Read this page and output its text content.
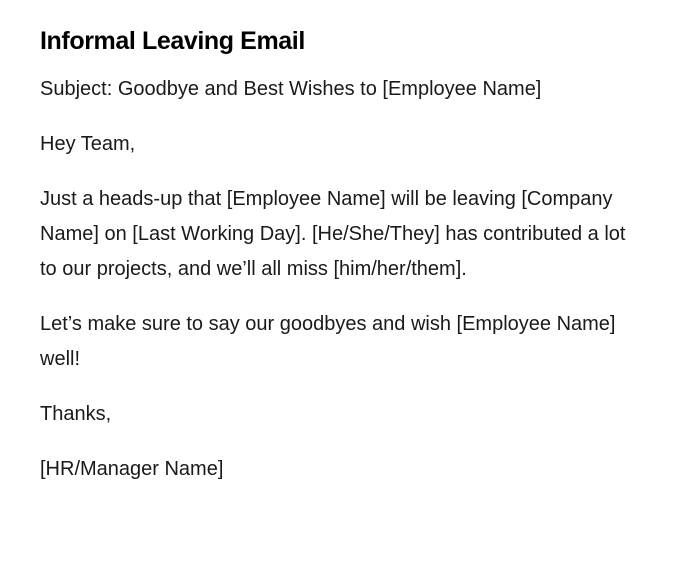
Informal Leaving Email

Subject: Goodbye and Best Wishes to [Employee Name]

Hey Team,

Just a heads-up that [Employee Name] will be leaving [Company Name] on [Last Working Day]. [He/She/They] has contributed a lot to our projects, and we’ll all miss [him/her/them].

Let’s make sure to say our goodbyes and wish [Employee Name] well!

Thanks,

[HR/Manager Name]
